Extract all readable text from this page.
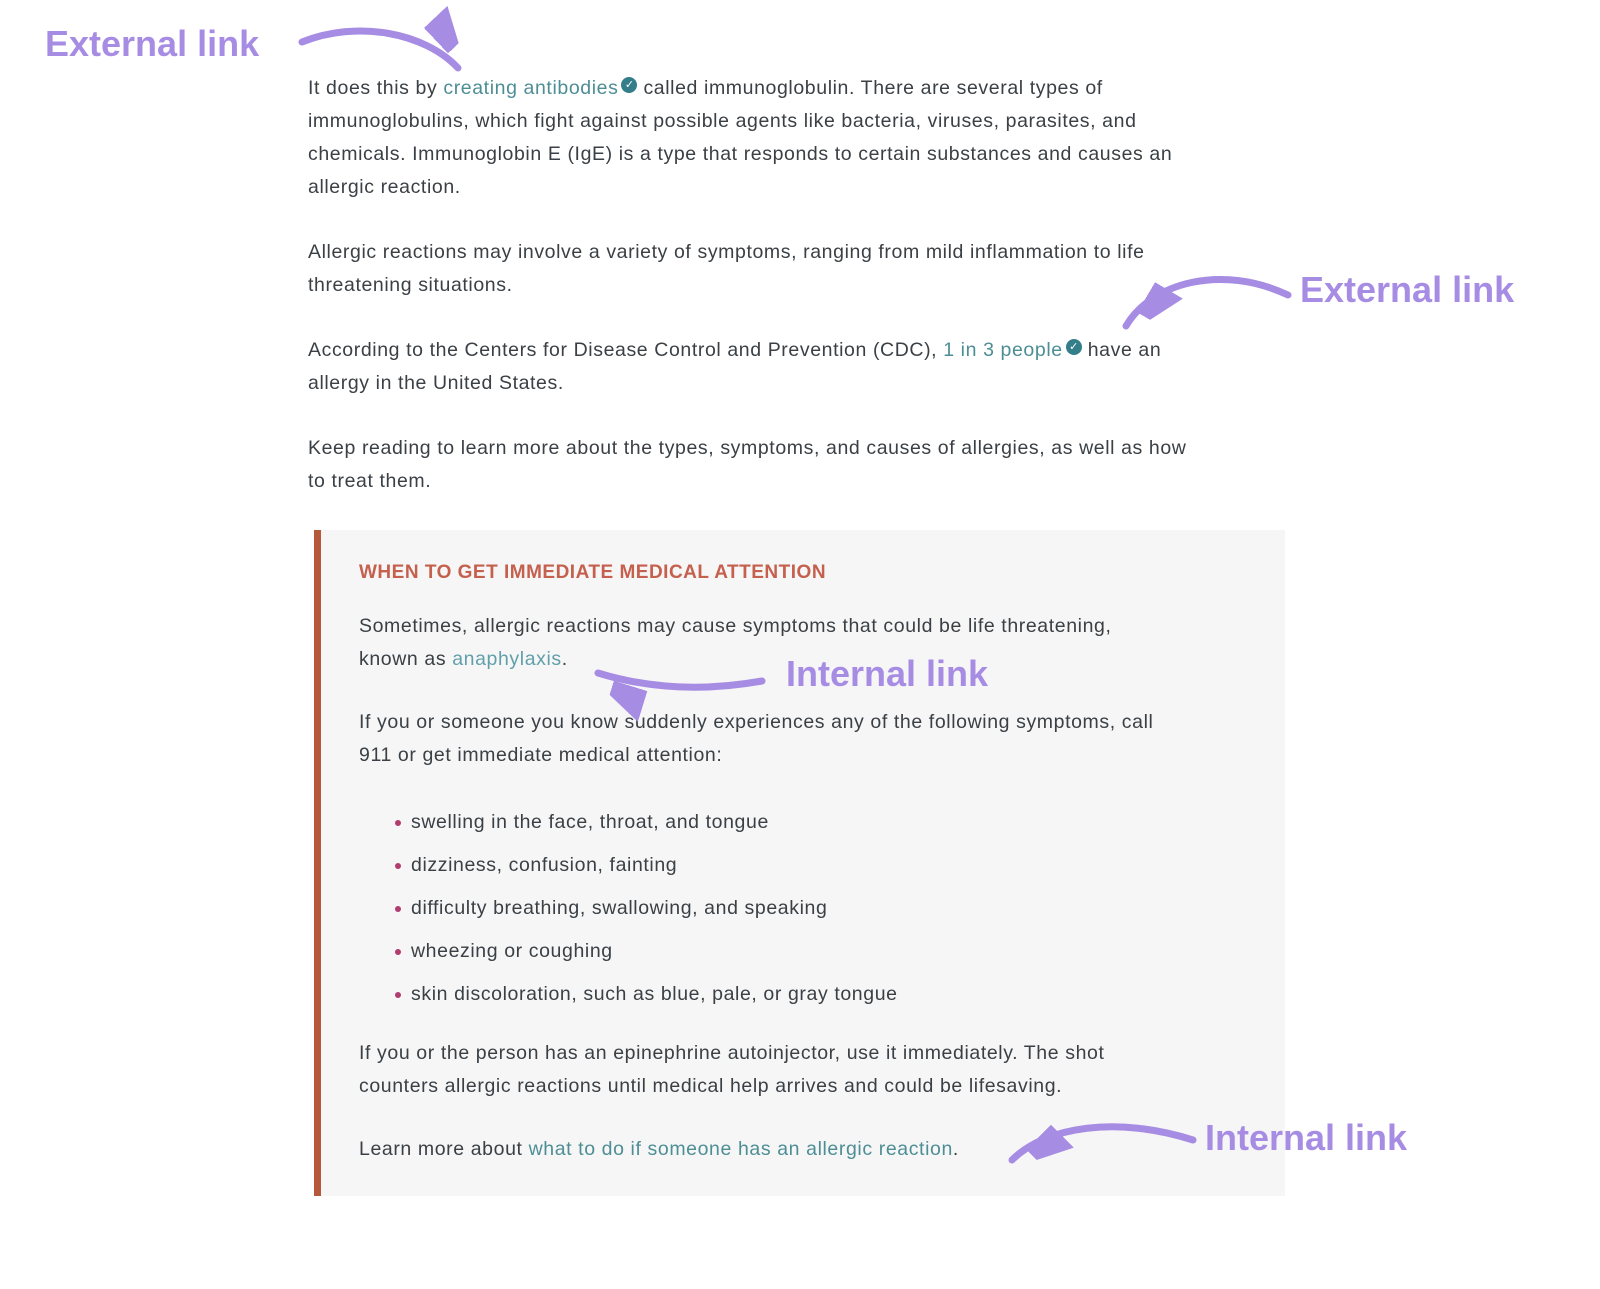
It does this by creating antibodies ✓ called immunoglobulin. There are several types of
immunoglobulins, which fight against possible agents like bacteria, viruses, parasites, and
chemicals. Immunoglobin E (IgE) is a type that responds to certain substances and causes an
allergic reaction.
Allergic reactions may involve a variety of symptoms, ranging from mild inflammation to life
threatening situations.
According to the Centers for Disease Control and Prevention (CDC), 1 in 3 people ✓ have an
allergy in the United States.
Keep reading to learn more about the types, symptoms, and causes of allergies, as well as how
to treat them.
WHEN TO GET IMMEDIATE MEDICAL ATTENTION
Sometimes, allergic reactions may cause symptoms that could be life threatening,
known as anaphylaxis.
If you or someone you know suddenly experiences any of the following symptoms, call
911 or get immediate medical attention:
swelling in the face, throat, and tongue
dizziness, confusion, fainting
difficulty breathing, swallowing, and speaking
wheezing or coughing
skin discoloration, such as blue, pale, or gray tongue
If you or the person has an epinephrine autoinjector, use it immediately. The shot
counters allergic reactions until medical help arrives and could be lifesaving.
Learn more about what to do if someone has an allergic reaction.
External link
External link
Internal link
Internal link
